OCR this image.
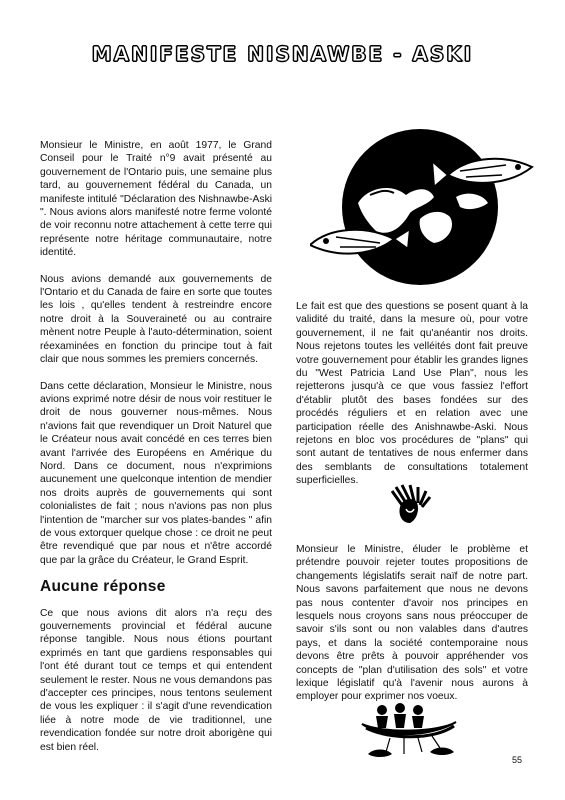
MANIFESTE NISNAWBE - ASKI

Monsieur le Ministre, en août 1977, le Grand Conseil pour le Traité n°9 avait présenté au gouvernement de l'Ontario puis, une semaine plus tard, au gouvernement fédéral du Canada, un manifeste intitulé "Déclaration des Nishnawbe-Aski ". Nous avions alors manifesté notre ferme volonté de voir reconnu notre attachement à cette terre qui représente notre héritage communautaire, notre identité.

Nous avions demandé aux gouvernements de l'Ontario et du Canada de faire en sorte que toutes les lois , qu'elles tendent à restreindre encore notre droit à la Souveraineté ou au contraire mènent notre Peuple à l'auto-détermination, soient réexaminées en fonction du principe tout à fait clair que nous sommes les premiers concernés.

Dans cette déclaration, Monsieur le Ministre, nous avions exprimé notre désir de nous voir restituer le droit de nous gouverner nous-mêmes. Nous n'avions fait que revendiquer un Droit Naturel que le Créateur nous avait concédé en ces terres bien avant l'arrivée des Européens en Amérique du Nord. Dans ce document, nous n'exprimions aucunement une quelconque intention de mendier nos droits auprès de gouvernements qui sont colonialistes de fait ; nous n'avions pas non plus l'intention de "marcher sur vos plates-bandes " afin de vous extorquer quelque chose : ce droit ne peut être revendiqué que par nous et n'être accordé que par la grâce du Créateur, le Grand Esprit.

Aucune réponse

Ce que nous avions dit alors n'a reçu des gouvernements provincial et fédéral aucune réponse tangible. Nous nous étions pourtant exprimés en tant que gardiens responsables qui l'ont été durant tout ce temps et qui entendent seulement le rester. Nous ne vous demandons pas d'accepter ces principes, nous tentons seulement de vous les expliquer : il s'agit d'une revendication liée à notre mode de vie traditionnel, une revendication fondée sur notre droit aborigène qui est bien réel.

Le fait est que des questions se posent quant à la validité du traité, dans la mesure où, pour votre gouvernement, il ne fait qu'anéantir nos droits. Nous rejetons toutes les velléités dont fait preuve votre gouvernement pour établir les grandes lignes du "West Patricia Land Use Plan", nous les rejetterons jusqu'à ce que vous fassiez l'effort d'établir plutôt des bases fondées sur des procédés réguliers et en relation avec une participation réelle des Anishnawbe-Aski. Nous rejetons en bloc vos procédures de "plans" qui sont autant de tentatives de nous enfermer dans des semblants de consultations totalement superficielles.

Monsieur le Ministre, éluder le problème et prétendre pouvoir rejeter toutes propositions de changements législatifs serait naïf de notre part. Nous savons parfaitement que nous ne devons pas nous contenter d'avoir nos principes en lesquels nous croyons sans nous préoccuper de savoir s'ils sont ou non valables dans d'autres pays, et dans la société contemporaine nous devons être prêts à pouvoir appréhender vos concepts de "plan d'utilisation des sols" et votre lexique législatif qu'à l'avenir nous aurons à employer pour exprimer nos voeux.

55
